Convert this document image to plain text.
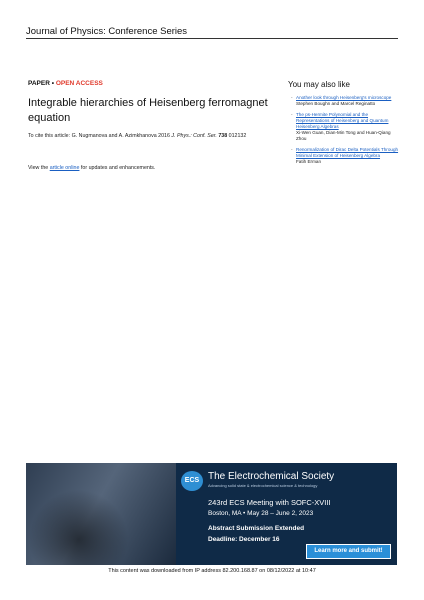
Journal of Physics: Conference Series
PAPER • OPEN ACCESS
Integrable hierarchies of Heisenberg ferromagnet equation
To cite this article: G. Nugmanova and A. Azimkhanova 2016 J. Phys.: Conf. Ser. 738 012132
View the article online for updates and enhancements.
You may also like
- Another look through Heisenberg's microscope
Stephen Boughn and Marcel Reginatto
- The ps-Hermite Polynomial and the Representations of Heisenberg and Quantum Heisenberg Algebras
Xi-Wen Guan, Dian-Min Tong and Huan-Qiang Zhou
- Renormalization of Dirac Delta Potentials Through Minimal Extension of Heisenberg Algebra
Fatih Erman
ECS The Electrochemical Society
Advancing solid state & electrochemical science & technology
243rd ECS Meeting with SOFC-XVIII
Boston, MA • May 28 – June 2, 2023
Abstract Submission Extended
Deadline: December 16
Learn more and submit!
This content was downloaded from IP address 82.200.168.87 on 08/12/2022 at 10:47
